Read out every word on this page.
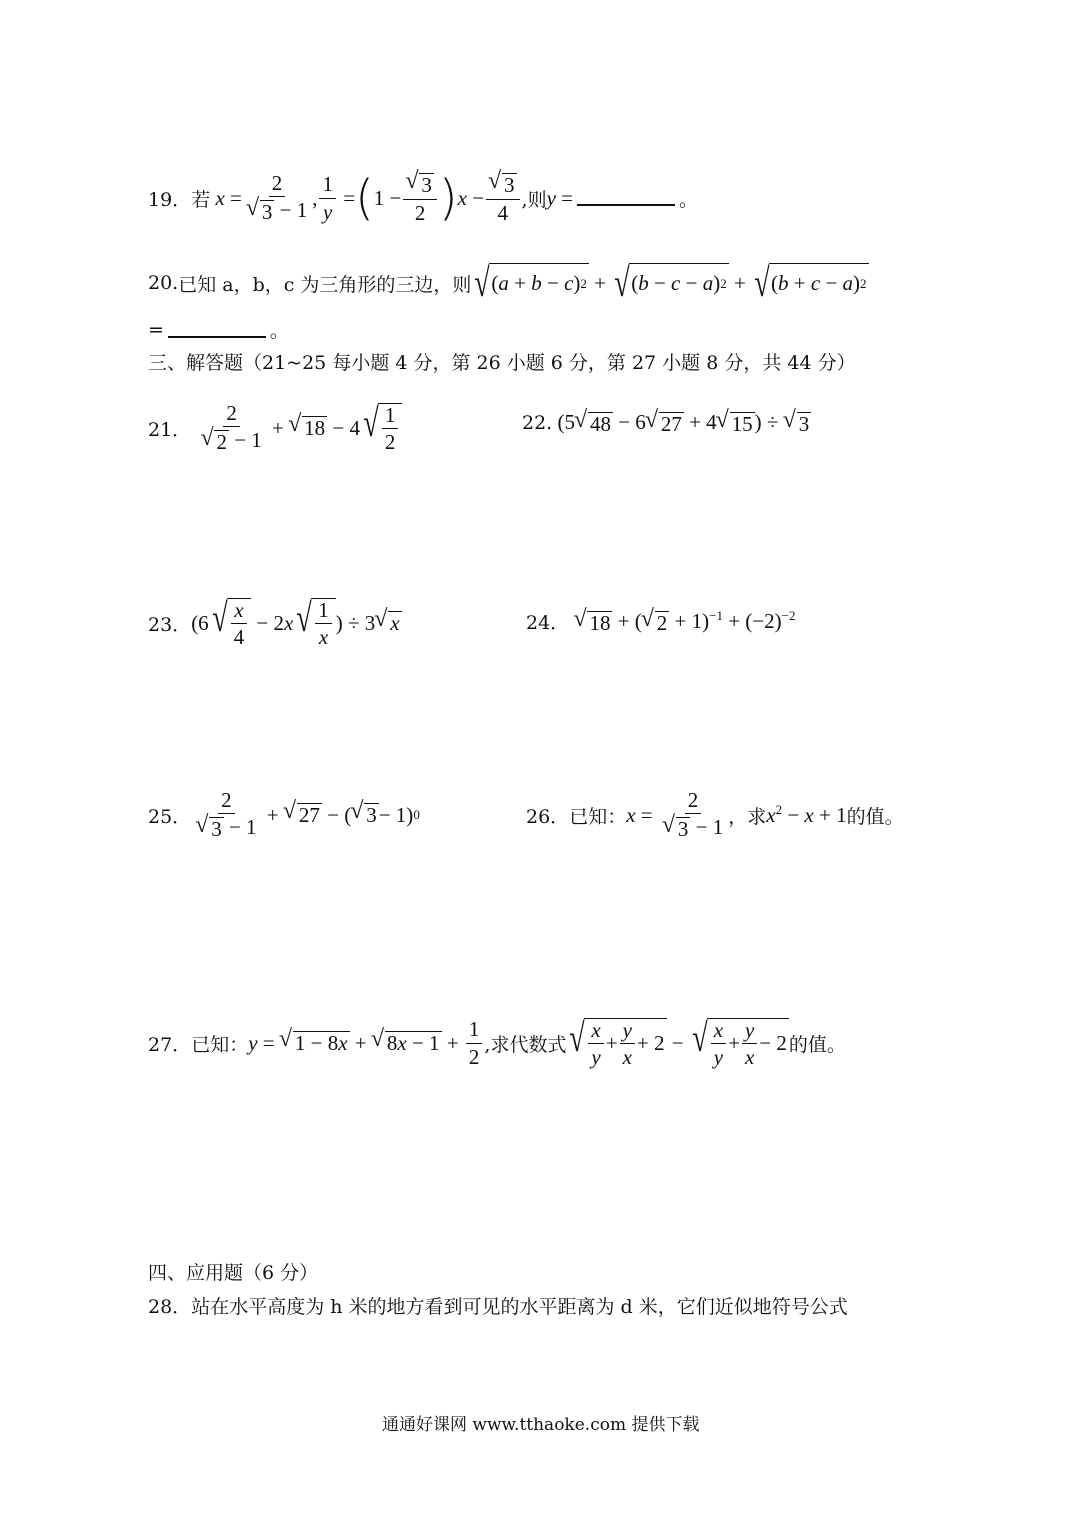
19． 若
x = 2
√ 3 − 1 , $\frac{1}{y}$ = ( 1 − √ $\frac{3}{2}$ ) x − √ $\frac{3}{4}$ ,则 y =	。
20. 已知 a，b，c 为三角形的三边，则 √ ( a + b − c ) 2 + √ ( b − c − a ) 2 + √ ( b + c − a ) 2
=	。
三、解答题（21~25 每小题 4 分，第 26 小题 6 分，第 27 小题 8 分，共 44 分）
21．
2
√ 2 − 1 + √ 18 − 4 √ $\frac{1}{2}$	22. (5 √ 48 − 6 √ 27 + 4 √ 15) ÷ √ 3
23． (6 √ $\frac{x}{4} - 2$ x √ $\frac{1}{x}$ ) ÷ 3 √ x	24． √ 18 + ( √ $2 + 1)^{-1} + (-2)^{-2}$
25． 2
√ 3 − 1 + √ 27 − ( √ 3 − 1) 0	26． 已知： x = 2
√ 3 − 1 ，求 $x^2 - x + 1$ 的值。
27． 已知： y = √ 1 − 8x + √ $8x - 1 + \frac{1}{2}$ ,求代数式 √ $\frac{x}{y} + \frac{y}{x} + 2$ − √ $\frac{x}{y} + \frac{y}{x} - 2$ 的值。
四、应用题（6 分）
28． 站在水平高度为 h 米的地方看到可见的水平距离为 d 米，它们近似地符号公式
通通好课网 www.tthaoke.com 提供下载
